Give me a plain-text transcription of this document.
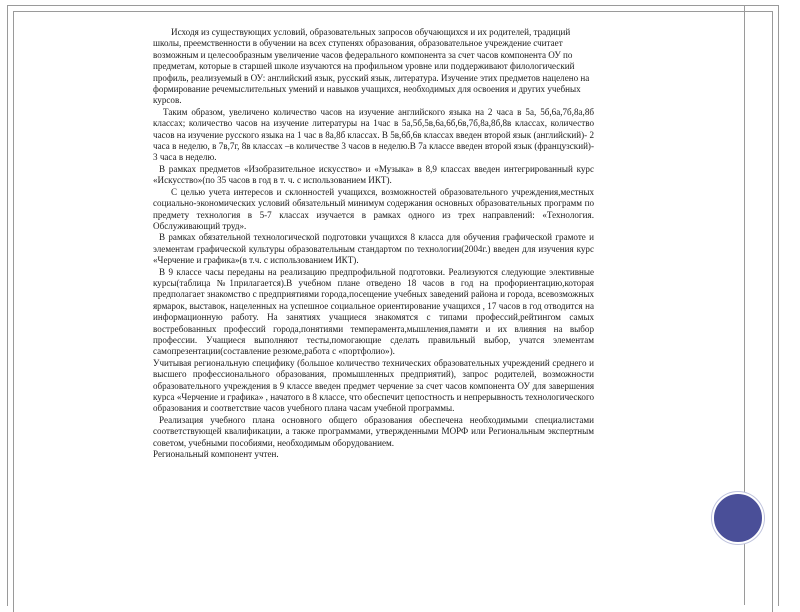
Исходя из существующих условий, образовательных запросов обучающихся и их родителей, традиций школы, преемственности в обучении на всех ступенях образования, образовательное учреждение считает возможным и целесообразным увеличение часов федерального компонента за счет часов компонента ОУ по предметам, которые в старшей школе изучаются на профильном уровне или поддерживают филологический профиль, реализуемый в ОУ: английский язык, русский язык, литература. Изучение этих предметов нацелено на формирование речемыслительных умений и навыков учащихся, необходимых для освоения и других учебных курсов.

Таким образом, увеличено количество часов на изучение английского языка на 2 часа в 5а, 5б,6а,7б,8а,8б классах; количество часов на изучение литературы на 1час в 5а,5б,5в,6а,6б,6в,7б,8а,8б,8в классах, количество часов на изучение русского языка на 1 час в 8а,8б классах. В 5в,6б,6в классах введен второй язык (английский)- 2 часа в неделю, в 7в,7г, 8в классах –в количестве 3 часов в неделю.В 7а классе введен второй язык (французский)- 3 часа в неделю.

В рамках предметов «Изобразительное искусство» и «Музыка» в 8,9 классах введен интегрированный курс «Искусство»(по 35 часов в год в т. ч. с использованием ИКТ).

С целью учета интересов и склонностей учащихся, возможностей образовательного учреждения,местных социально-экономических условий обязательный минимум содержания основных образовательных программ по предмету технология в 5-7 классах изучается в рамках одного из трех направлений: «Технология. Обслуживающий труд».

В рамках обязательной технологической подготовки учащихся 8 класса для обучения графической грамоте и элементам графической культуры образовательным стандартом по технологии(2004г.) введен для изучения курс «Черчение и графика»(в т.ч. с использованием ИКТ).

В 9 классе часы переданы на реализацию предпрофильной подготовки. Реализуются следующие элективные курсы(таблица №1прилагается).В учебном плане отведено 18 часов в год на профориентацию,которая предполагает знакомство с предприятиями города,посещение учебных заведений района и города, всевозможных ярмарок, выставок, нацеленных на успешное социальное ориентирование учащихся , 17 часов в год отводится на информационную работу. На занятиях учащиеся знакомятся с типами профессий,рейтингом самых востребованных профессий города,понятиями темперамента,мышления,памяти и их влияния на выбор профессии. Учащиеся выполняют тесты,помогающие сделать правильный выбор, учатся элементам самопрезентации(составление резюме,работа с «портфолио»).

Учитывая региональную специфику (большое количество технических образовательных учреждений среднего и высшего профессионального образования, промышленных предприятий), запрос родителей, возможности образовательного учреждения в 9 классе введен предмет черчение за счет часов компонента ОУ для завершения курса «Черчение и графика» , начатого в 8 классе, что обеспечит цепостность и непрерывность технологического образования и соответствие часов учебного плана часам учебной программы.

Реализация учебного плана основного общего образования обеспечена необходимыми специалистами соответствующей квалификации, а также программами, утвержденными МОРФ или Региональным экспертным советом, учебными пособиями, необходимым оборудованием.

Региональный компонент учтен.
